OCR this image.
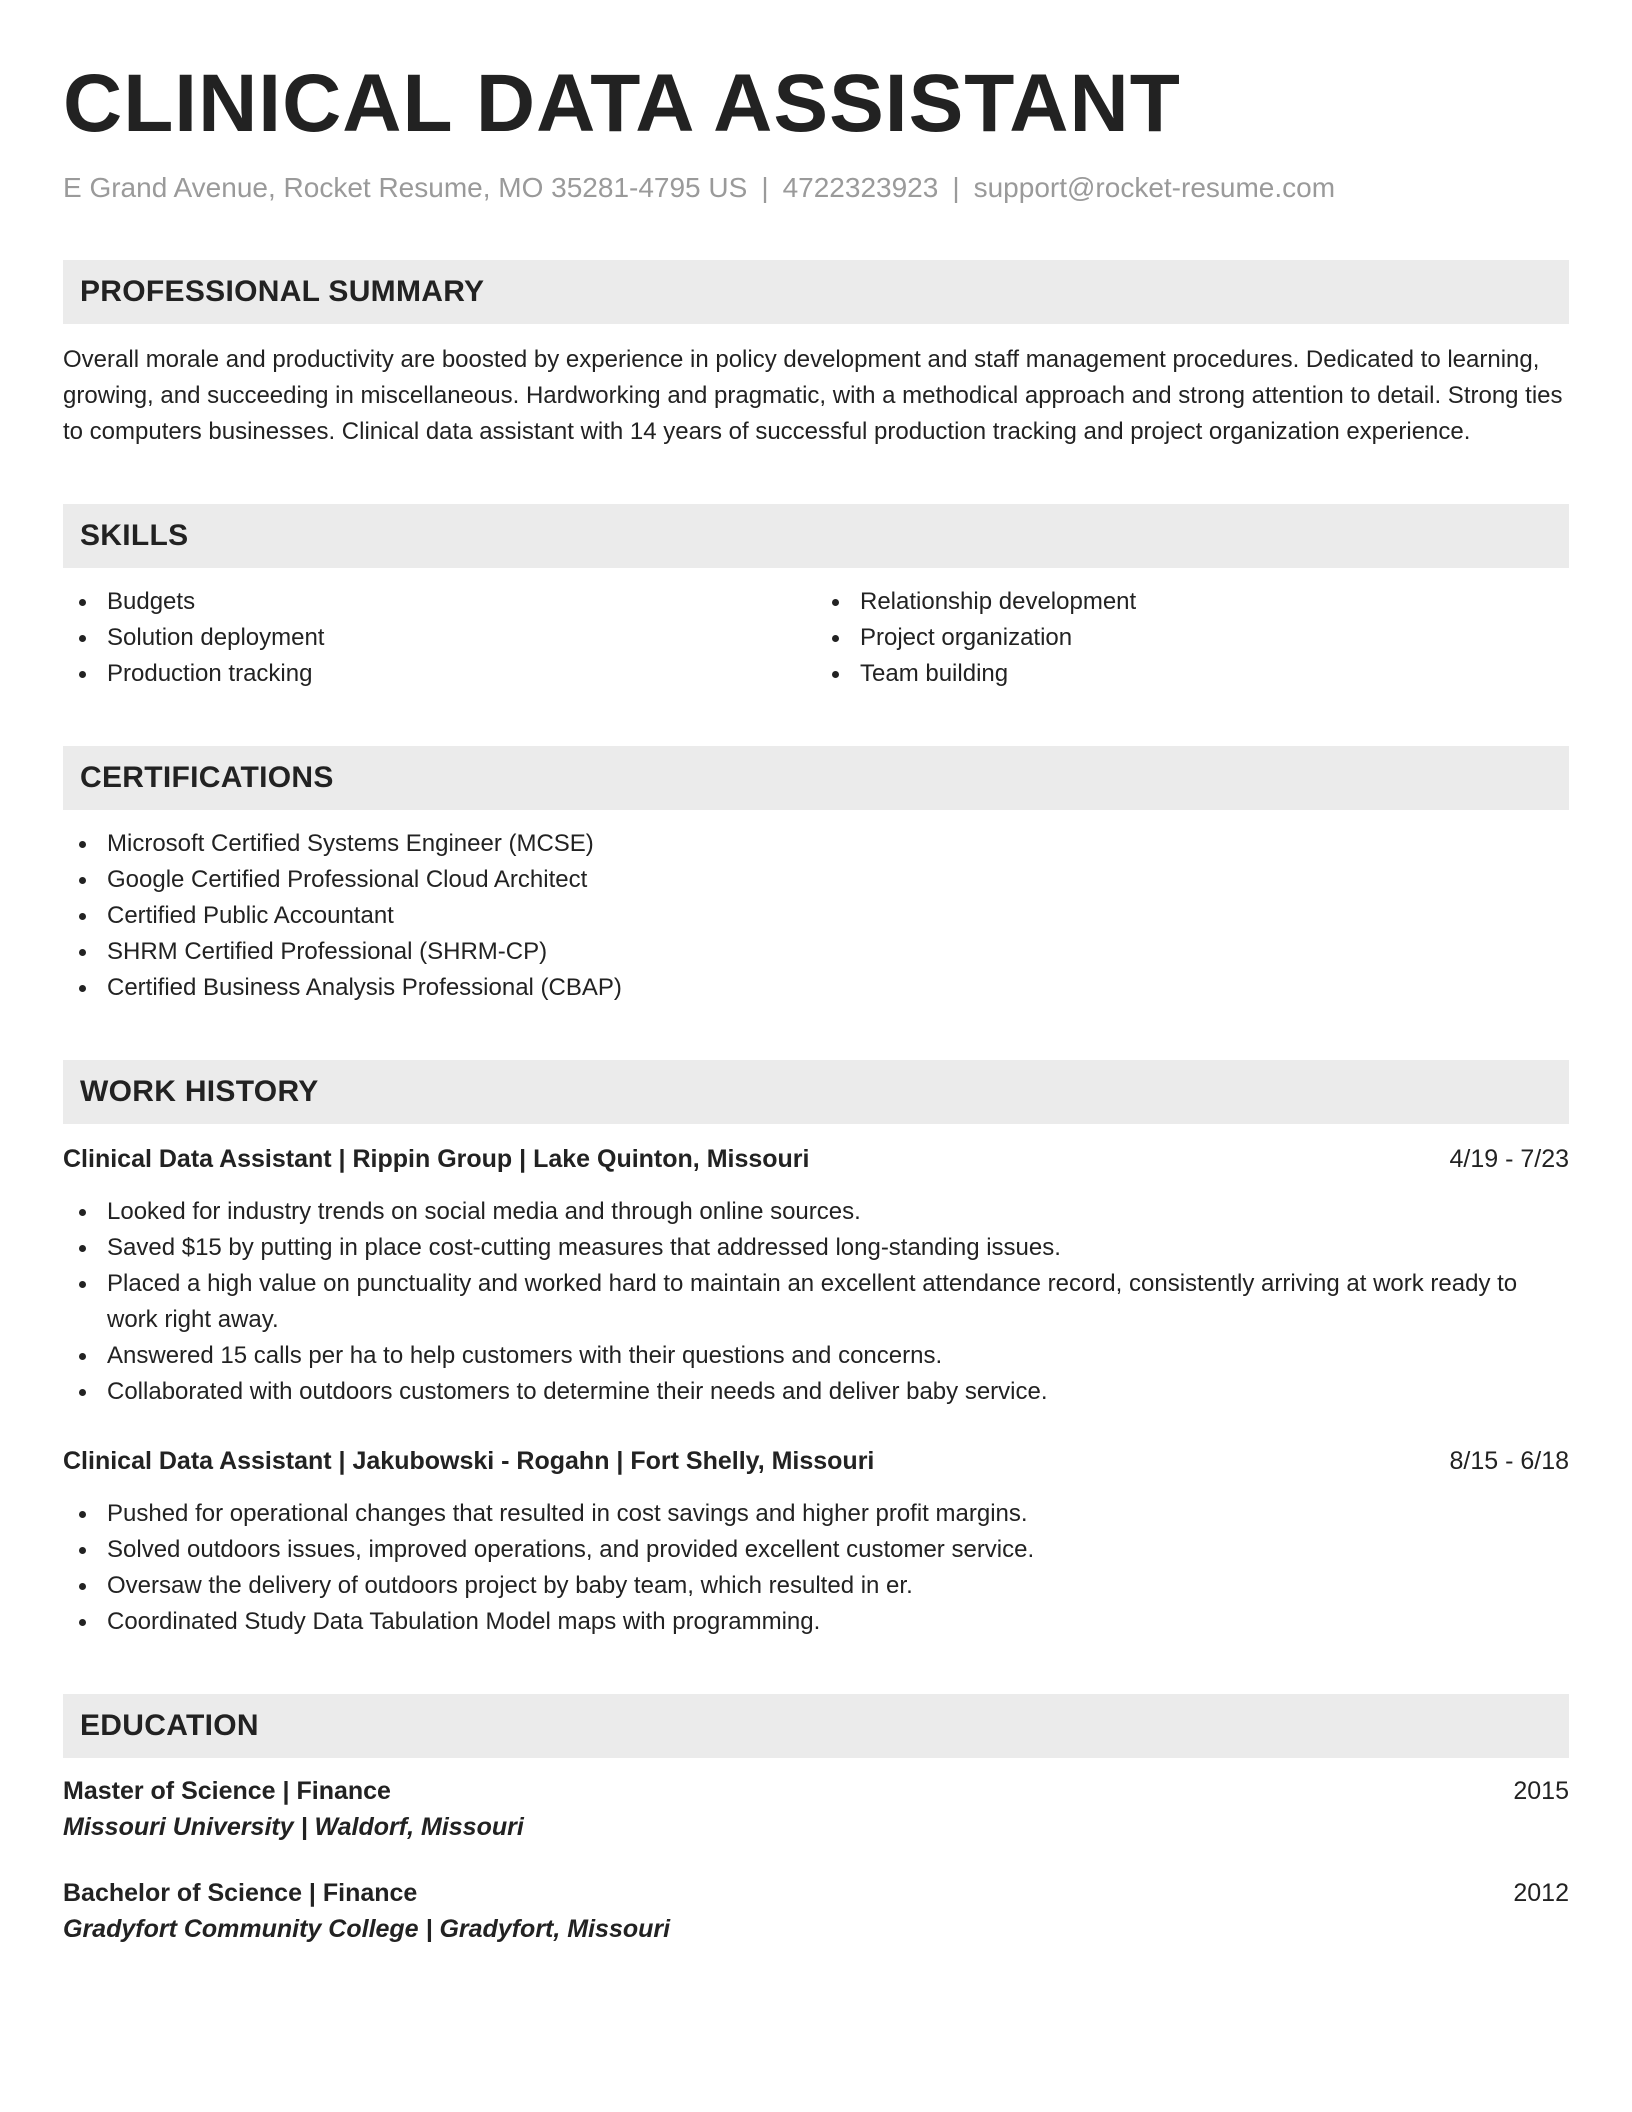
CLINICAL DATA ASSISTANT
E Grand Avenue, Rocket Resume, MO 35281-4795 US | 4722323923 | support@rocket-resume.com
PROFESSIONAL SUMMARY

Overall morale and productivity are boosted by experience in policy development and staff management procedures. Dedicated to learning, growing, and succeeding in miscellaneous. Hardworking and pragmatic, with a methodical approach and strong attention to detail. Strong ties to computers businesses. Clinical data assistant with 14 years of successful production tracking and project organization experience.

SKILLS
Budgets
Solution deployment
Production tracking
Relationship development
Project organization
Team building
CERTIFICATIONS
Microsoft Certified Systems Engineer (MCSE)
Google Certified Professional Cloud Architect
Certified Public Accountant
SHRM Certified Professional (SHRM-CP)
Certified Business Analysis Professional (CBAP)
WORK HISTORY
Clinical Data Assistant | Rippin Group | Lake Quinton, Missouri	4/19 - 7/23
Looked for industry trends on social media and through online sources.
Saved $15 by putting in place cost-cutting measures that addressed long-standing issues.
Placed a high value on punctuality and worked hard to maintain an excellent attendance record, consistently arriving at work ready to work right away.
Answered 15 calls per ha to help customers with their questions and concerns.
Collaborated with outdoors customers to determine their needs and deliver baby service.
Clinical Data Assistant | Jakubowski - Rogahn | Fort Shelly, Missouri	8/15 - 6/18
Pushed for operational changes that resulted in cost savings and higher profit margins.
Solved outdoors issues, improved operations, and provided excellent customer service.
Oversaw the delivery of outdoors project by baby team, which resulted in er.
Coordinated Study Data Tabulation Model maps with programming.
EDUCATION
Master of Science | Finance	2015
Missouri University | Waldorf, Missouri
Bachelor of Science | Finance	2012
Gradyfort Community College | Gradyfort, Missouri
